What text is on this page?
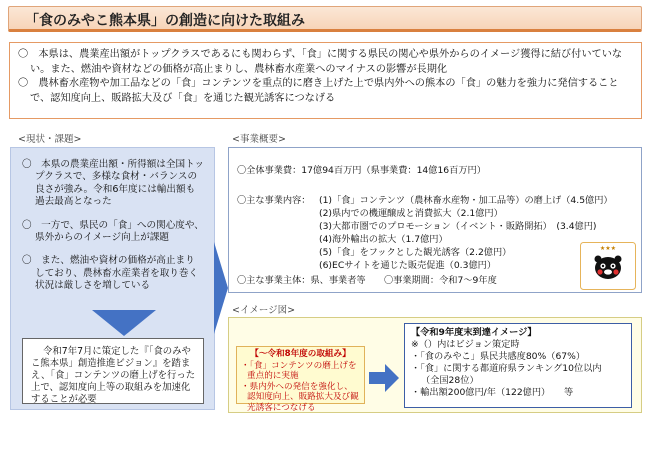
「食のみやこ熊本県」の創造に向けた取組み

〇　本県は、農業産出額がトップクラスであるにも関わらず、「食」に関する県民の関心や県外からのイメージ獲得に結び付いていない。また、燃油や資材などの価格が高止まりし、農林畜水産業へのマイナスの影響が長期化

〇　農林畜水産物や加工品などの「食」コンテンツを重点的に磨き上げた上で県内外への熊本の「食」の魅力を強力に発信することで、認知度向上、販路拡大及び「食」を通じた観光誘客につなげる

<現状・課題>	<事業概要>
<イメージ図>

〇　本県の農業産出額・所得額は全国トップクラスで、多様な食材・バランスの良さが強み。令和6年度には輸出額も過去最高となった

〇　一方で、県民の「食」への関心度や、県外からのイメージ向上が課題

〇　また、燃油や資材の価格が高止まりしており、農林畜水産業者を取り巻く状況は厳しさを増している

令和7年7月に策定した『「食のみやこ熊本県」創造推進ビジョン』を踏まえ、「食」コンテンツの磨上げを行った上で、認知度向上等の取組みを加速化することが必要
〇全体事業費：17億94百万円（県事業費：14億16百万円）
〇主な事業内容： (1)「食」コンテンツ（農林畜水産物・加工品等）の磨上げ（4.5億円）
(2)県内での機運醸成と消費拡大（2.1億円）
(3)大都市圏でのプロモーション（イベント・販路開拓）　(3.4億円)
(4)海外輸出の拡大（1.7億円）
(5)「食」をフックとした観光誘客（2.2億円）
(6)ECサイトを通じた販売促進（0.3億円）
〇主な事業主体：県、事業者等　　〇事業期間：令和7～9年度
★★★
【～令和8年度の取組み】

・「食」コンテンツの磨上げを重点的に実施

・県内外への発信を強化し、認知度向上、販路拡大及び観光誘客につなげる

【令和9年度末到達イメージ】

※（）内はビジョン策定時

・「食のみやこ」県民共感度80%（67%）

・「食」に関する都道府県ランキング10位以内

（全国28位）

・輸出額200億円/年（122億円）　　等
